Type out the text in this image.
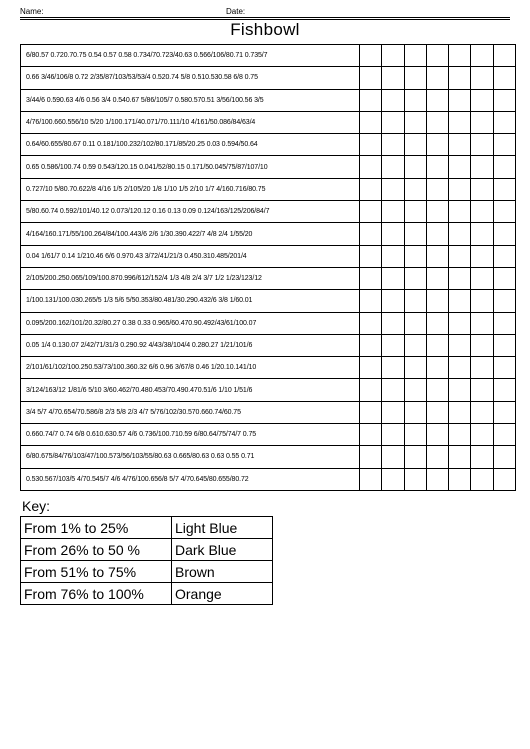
Name:	Date:
Fishbowl
6/80.57 0.720.70.75 0.54 0.57 0.58 0.734/70.723/40.63 0.566/106/80.71 0.735/7							

0.66 3/46/106/8 0.72 2/35/87/103/53/53/4 0.520.74 5/8 0.510.530.58 6/8 0.75							

3/44/6 0.590.63 4/6 0.56 3/4 0.540.67 5/86/105/7 0.580.570.51 3/56/100.56 3/5							

4/76/100.660.556/10 5/20 1/100.171/40.071/70.111/10 4/161/50.086/84/63/4							

0.64/60.655/80.67 0.11 0.181/100.232/102/80.171/85/20.25 0.03 0.594/50.64							

0.65 0.586/100.74 0.59 0.543/120.15 0.041/52/80.15 0.171/50.045/75/87/107/10							

0.727/10 5/80.70.622/8 4/16 1/5 2/105/20 1/8 1/10 1/5 2/10 1/7 4/160.716/80.75							

5/80.60.74 0.592/101/40.12 0.073/120.12 0.16 0.13 0.09 0.124/163/125/206/84/7							

4/164/160.171/55/100.264/84/100.443/6 2/6 1/30.390.422/7 4/8 2/4 1/55/20							

0.04 1/61/7 0.14 1/210.46 6/6 0.970.43 3/72/41/21/3 0.450.310.485/201/4							

2/105/200.250.065/109/100.870.996/612/152/4 1/3 4/8 2/4 3/7 1/2 1/23/123/12							

1/100.131/100.030.265/5 1/3 5/6 5/50.353/80.481/30.290.432/6 3/8 1/60.01							

0.095/200.162/101/20.32/80.27 0.38 0.33 0.965/60.470.90.492/43/61/100.07							

0.05 1/4 0.130.07 2/42/71/31/3 0.290.92 4/43/38/104/4 0.280.27 1/21/101/6							

2/101/61/102/100.250.53/73/100.360.32 6/6 0.96 3/67/8 0.46 1/20.10.141/10							

3/124/163/12 1/81/6 5/10 3/60.462/70.480.453/70.490.470.51/6 1/10 1/51/6							

3/4 5/7 4/70.654/70.586/8 2/3 5/8 2/3 4/7 5/76/102/30.570.660.74/60.75							

0.660.74/7 0.74 6/8 0.610.630.57 4/6 0.736/100.710.59 6/80.64/75/74/7 0.75							

6/80.675/84/76/103/47/100.573/56/103/55/80.63 0.665/80.63 0.63 0.55 0.71							

0.530.567/103/5 4/70.545/7 4/6 4/76/100.656/8 5/7 4/70.645/80.655/80.72							

Key:
From 1% to 25%	Light Blue
From 26% to 50 %	Dark Blue
From 51% to 75%	Brown
From 76% to 100%	Orange
